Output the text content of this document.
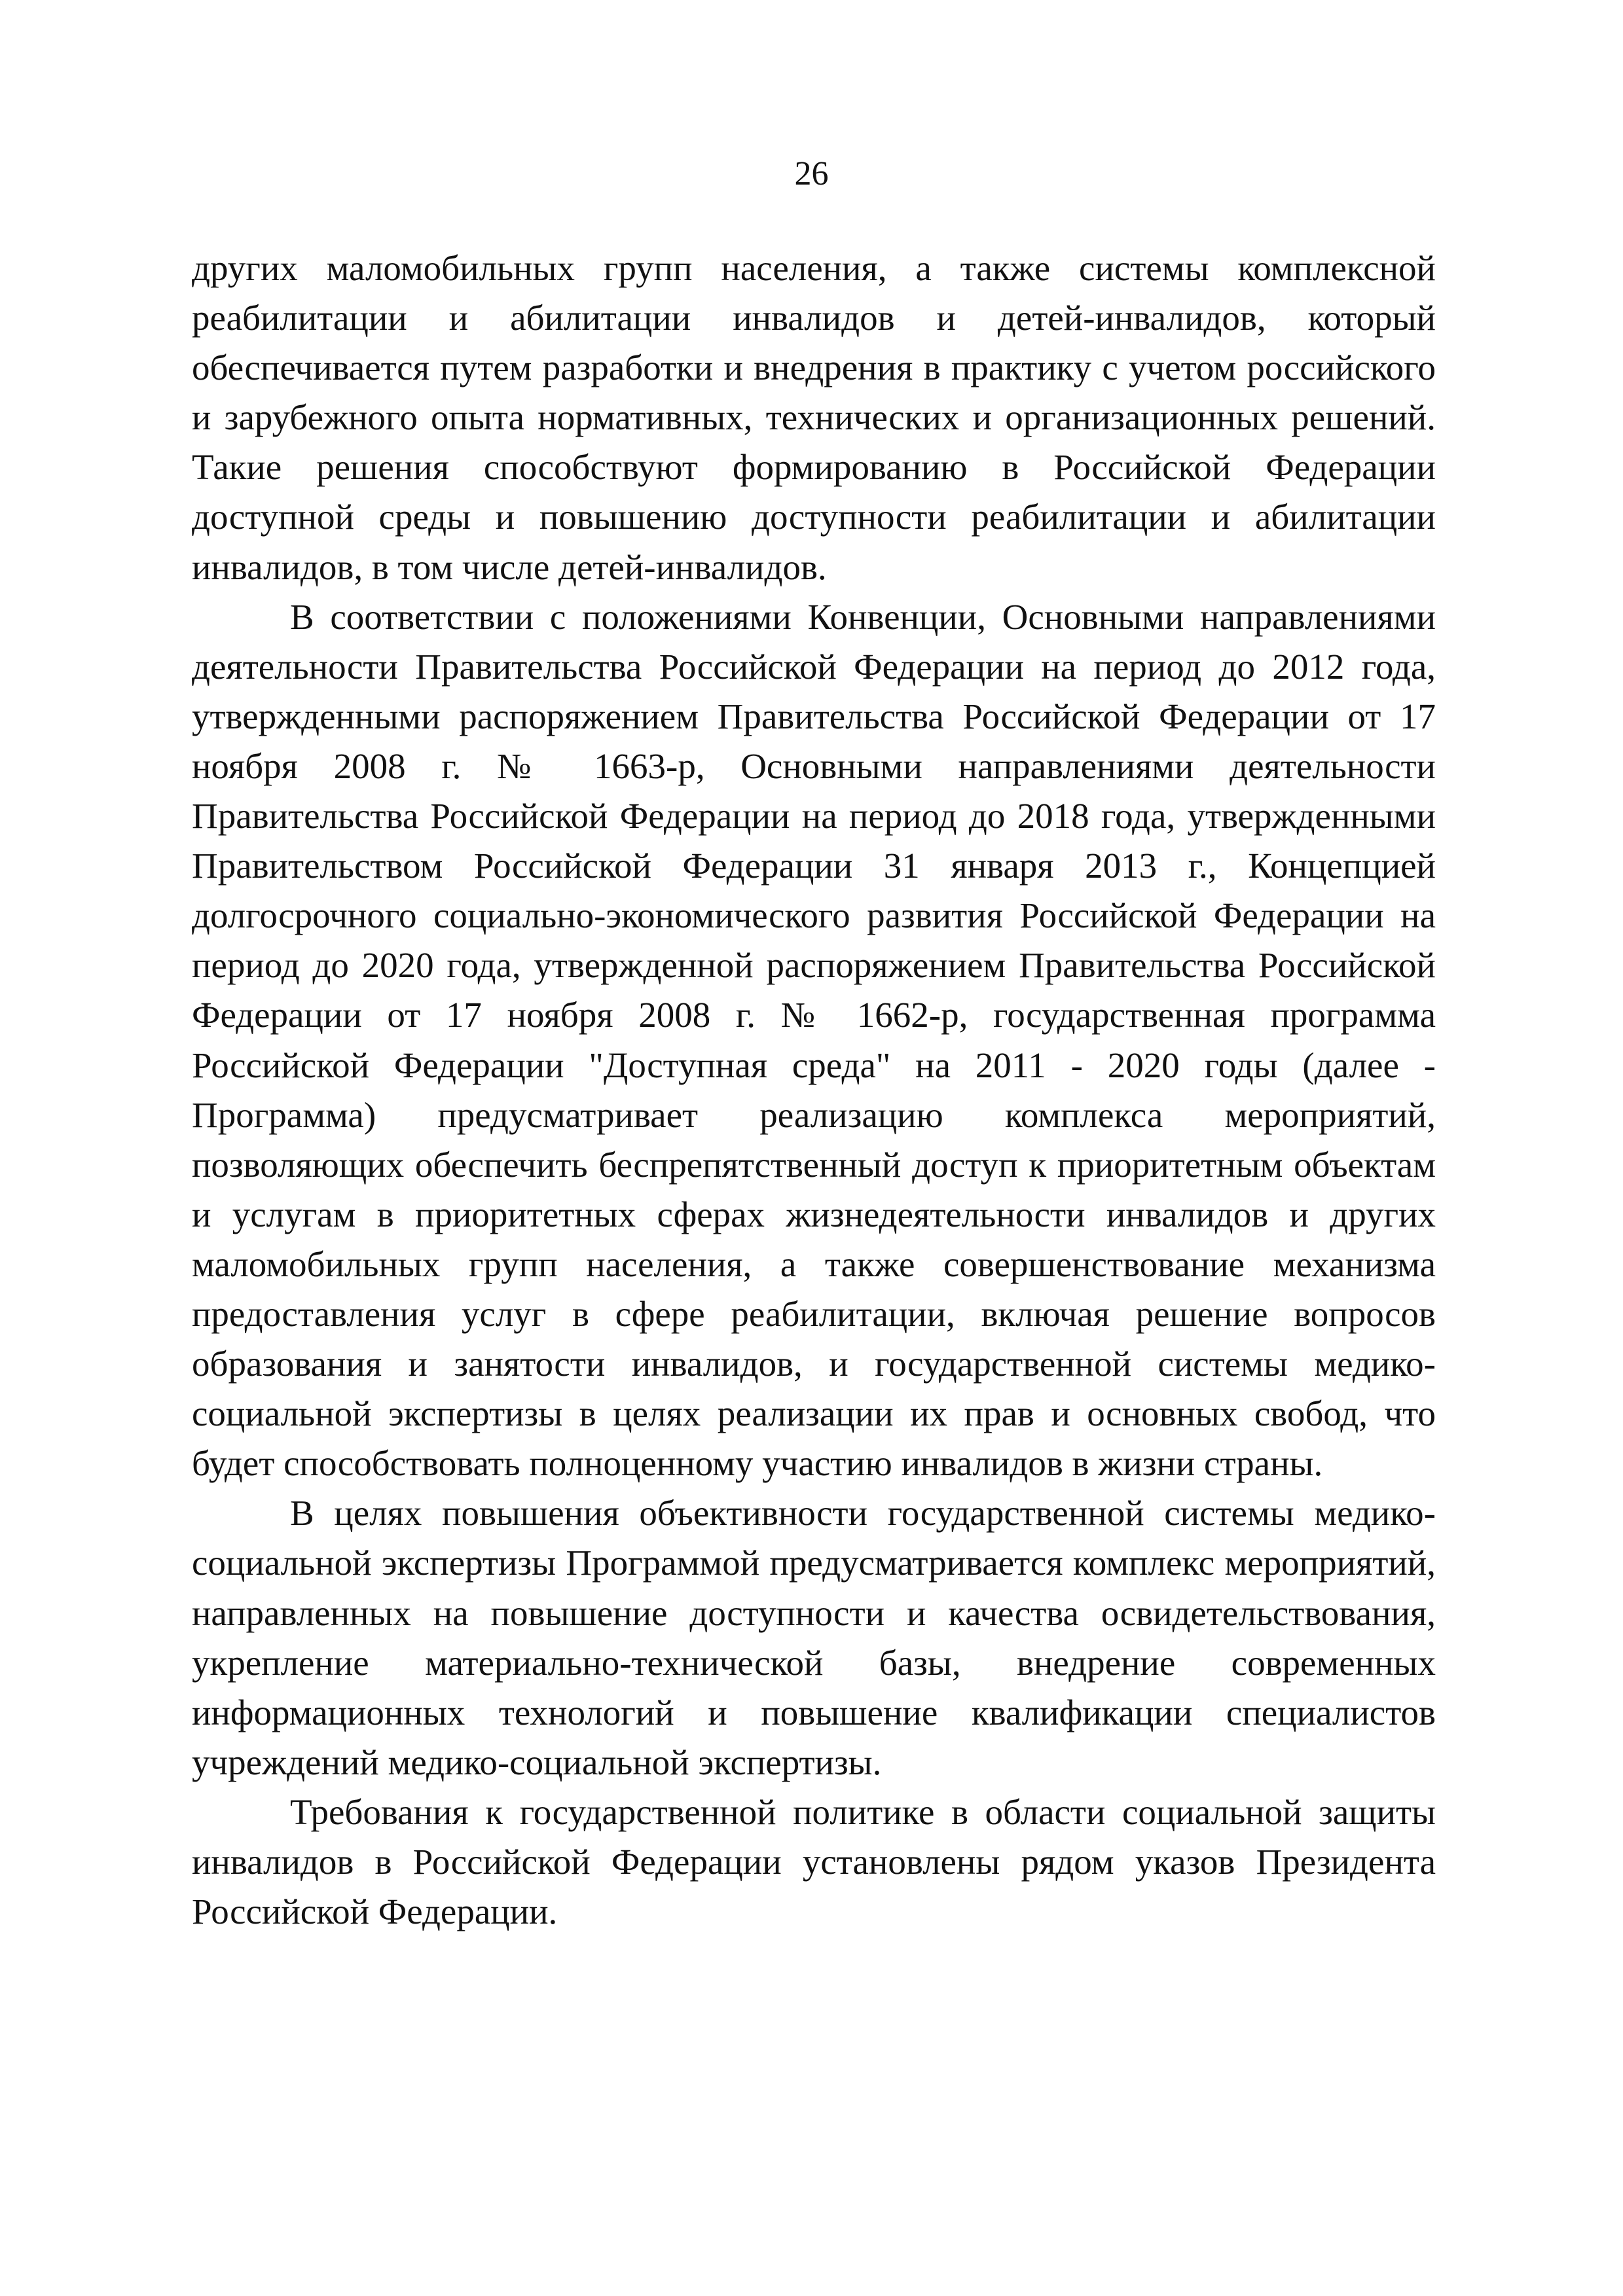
26

других маломобильных групп населения, а также системы комплексной реабилитации и абилитации инвалидов и детей-инвалидов, который обеспечивается путем разработки и внедрения в практику с учетом российского и зарубежного опыта нормативных, технических и организационных решений. Такие решения способствуют формированию в Российской Федерации доступной среды и повышению доступности реабилитации и абилитации инвалидов, в том числе детей-инвалидов.

В соответствии с положениями Конвенции, Основными направлениями деятельности Правительства Российской Федерации на период до 2012 года, утвержденными распоряжением Правительства Российской Федерации от 17 ноября 2008 г. № 1663-р, Основными направлениями деятельности Правительства Российской Федерации на период до 2018 года, утвержденными Правительством Российской Федерации 31 января 2013 г., Концепцией долгосрочного социально-экономического развития Российской Федерации на период до 2020 года, утвержденной распоряжением Правительства Российской Федерации от 17 ноября 2008 г. № 1662-р, государственная программа Российской Федерации "Доступная среда" на 2011 - 2020 годы (далее - Программа) предусматривает реализацию комплекса мероприятий, позволяющих обеспечить беспрепятственный доступ к приоритетным объектам и услугам в приоритетных сферах жизнедеятельности инвалидов и других маломобильных групп населения, а также совершенствование механизма предоставления услуг в сфере реабилитации, включая решение вопросов образования и занятости инвалидов, и государственной системы медико-социальной экспертизы в целях реализации их прав и основных свобод, что будет способствовать полноценному участию инвалидов в жизни страны.

В целях повышения объективности государственной системы медико-социальной экспертизы Программой предусматривается комплекс мероприятий, направленных на повышение доступности и качества освидетельствования, укрепление материально-технической базы, внедрение современных информационных технологий и повышение квалификации специалистов учреждений медико-социальной экспертизы.

Требования к государственной политике в области социальной защиты инвалидов в Российской Федерации установлены рядом указов Президента Российской Федерации.
